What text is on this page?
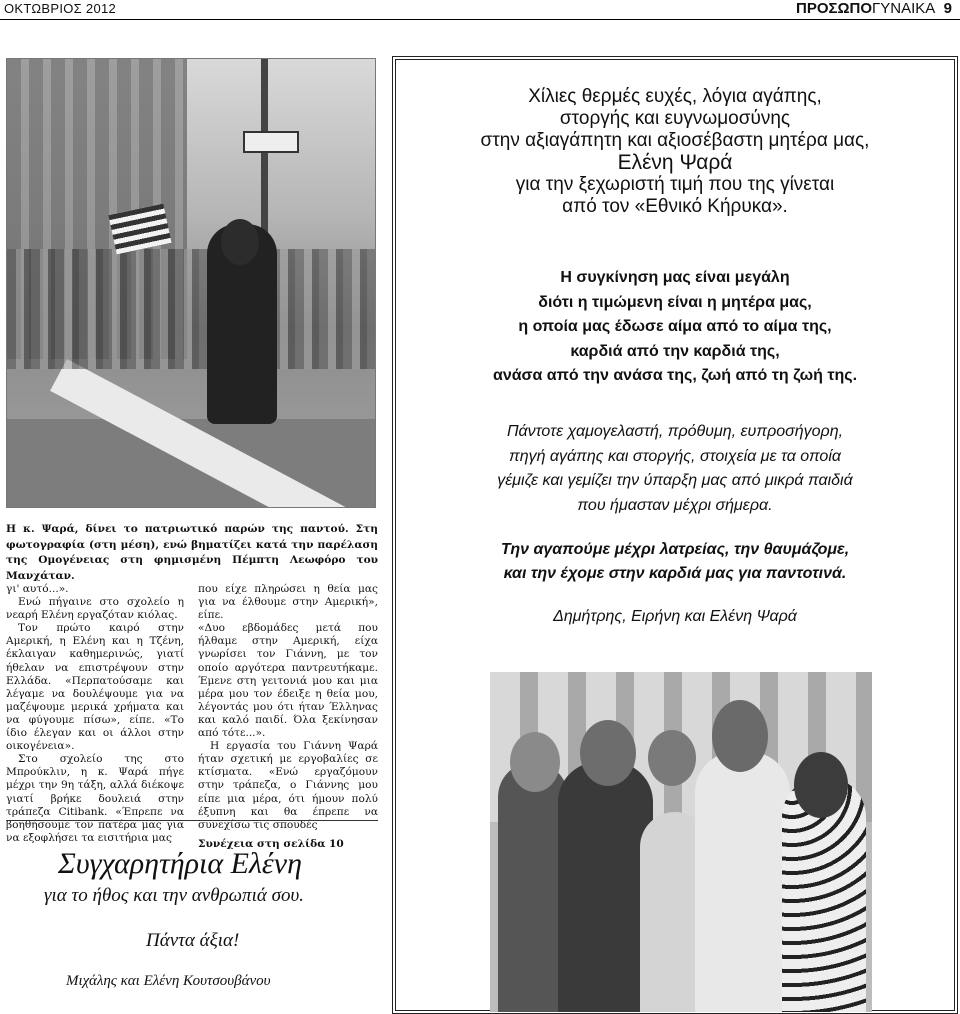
ΟΚΤΩΒΡΙΟΣ 2012	ΠΡΟΣΩΠΟΓΥΝΑΙΚΑ 9
Η κ. Ψαρά, δίνει το πατριωτικό παρών της παντού. Στη φωτογραφία (στη μέση), ενώ βηματίζει κατά την παρέλαση της Ομογένειας στη φημισμένη Πέμπτη Λεωφόρο του Μανχάταν.

γι' αυτό...».

Ενώ πήγαινε στο σχολείο η νεαρή Ελένη εργαζόταν κιόλας.

Τον πρώτο καιρό στην Αμερική, η Ελένη και η Τζένη, έκλαιγαν καθημερινώς, γιατί ήθελαν να επιστρέψουν στην Ελλάδα. «Περπατούσαμε και λέγαμε να δουλέψουμε για να μαζέψουμε μερικά χρήματα και να φύγουμε πίσω», είπε. «Το ίδιο έλεγαν και οι άλλοι στην οικογένεια».

Στο σχολείο της στο Μπρούκλιν, η κ. Ψαρά πήγε μέχρι την 9η τάξη, αλλά διέκοψε γιατί βρήκε δουλειά στην τράπεζα Citibank. «Έπρεπε να βοηθήσουμε τον πατέρα μας για να εξοφλήσει τα εισιτήρια μας

που είχε πληρώσει η θεία μας για να έλθουμε στην Αμερική», είπε.

«Δυο εβδομάδες μετά που ήλθαμε στην Αμερική, είχα γνωρίσει τον Γιάννη, με τον οποίο αργότερα παντρευτήκαμε. Έμενε στη γειτονιά μου και μια μέρα μου τον έδειξε η θεία μου, λέγοντάς μου ότι ήταν Έλληνας και καλό παιδί. Όλα ξεκίνησαν από τότε...».

Η εργασία του Γιάννη Ψαρά ήταν σχετική με εργοβαλίες σε κτίσματα. «Ενώ εργαζόμουν στην τράπεζα, ο Γιάννης μου είπε μια μέρα, ότι ήμουν πολύ έξυπνη και θα έπρεπε να συνεχίσω τις σπουδές

Συνέχεια στη σελίδα 10

Συγχαρητήρια Ελένη
για το ήθος και την ανθρωπιά σου.
Πάντα άξια!
Μιχάλης και Ελένη Κουτσουβάνου
Χίλιες θερμές ευχές, λόγια αγάπης,
στοργής και ευγνωμοσύνης
στην αξιαγάπητη και αξιοσέβαστη μητέρα μας,
Ελένη Ψαρά
για την ξεχωριστή τιμή που της γίνεται
από τον «Εθνικό Κήρυκα».
Η συγκίνηση μας είναι μεγάλη
διότι η τιμώμενη είναι η μητέρα μας,
η οποία μας έδωσε αίμα από το αίμα της,
καρδιά από την καρδιά της,
ανάσα από την ανάσα της, ζωή από τη ζωή της.
Πάντοτε χαμογελαστή, πρόθυμη, ευπροσήγορη,
πηγή αγάπης και στοργής, στοιχεία με τα οποία
γέμιζε και γεμίζει την ύπαρξη μας από μικρά παιδιά
που ήμασταν μέχρι σήμερα.
Την αγαπούμε μέχρι λατρείας, την θαυμάζομε,
και την έχομε στην καρδιά μας για παντοτινά.
Δημήτρης, Ειρήνη και Ελένη Ψαρά
